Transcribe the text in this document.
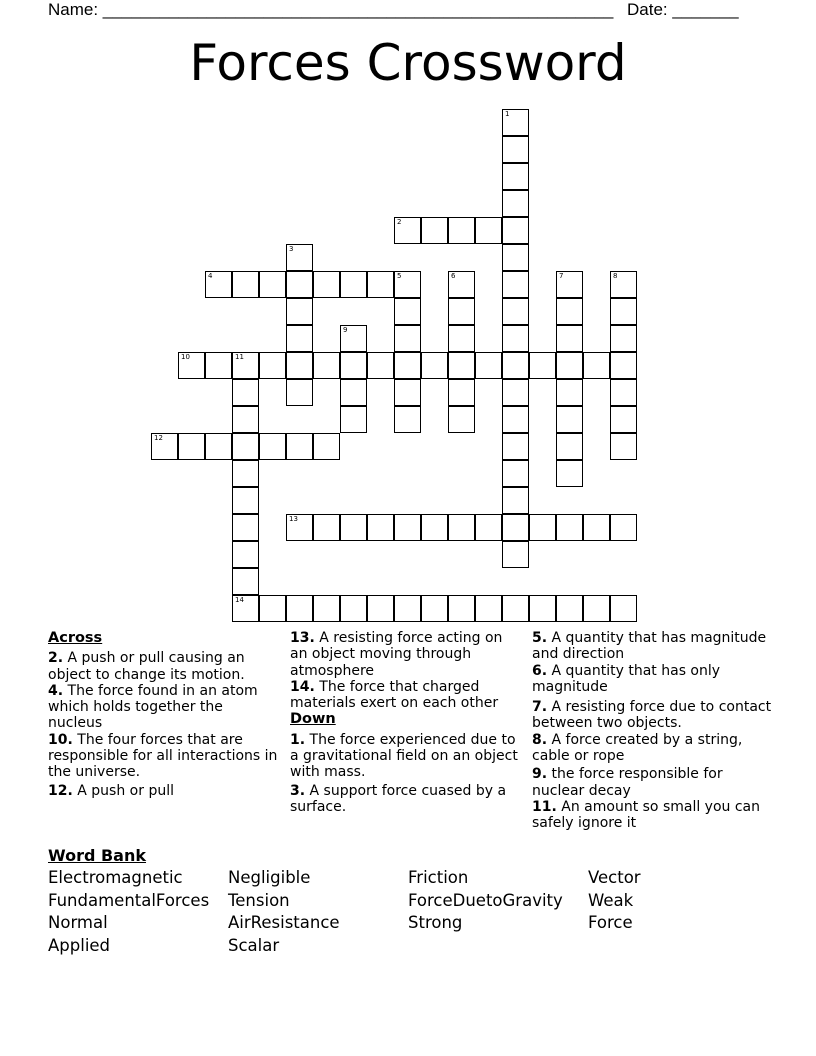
Name: ______________________________________________________ Date: _______
Forces Crossword
1
2
3
4	5	6	7	8
9
10	11
14
12
13

Across

2. A push or pull causing an object to change its motion.

4. The force found in an atom which holds together the nucleus

10. The four forces that are responsible for all interactions in the universe.

12. A push or pull

13. A resisting force acting on an object moving through atmosphere

14. The force that charged materials exert on each other

Down

1. The force experienced due to a gravitational field on an object with mass.

3. A support force cuased by a surface.

5. A quantity that has magnitude and direction

6. A quantity that has only magnitude

7. A resisting force due to contact between two objects.

8. A force created by a string, cable or rope

9. the force responsible for nuclear decay

11. An amount so small you can safely ignore it

Word Bank
Electromagnetic
FundamentalForces
Normal
Applied
Negligible
Tension
AirResistance
Scalar
Friction
ForceDuetoGravity
Strong
Vector
Weak
Force
